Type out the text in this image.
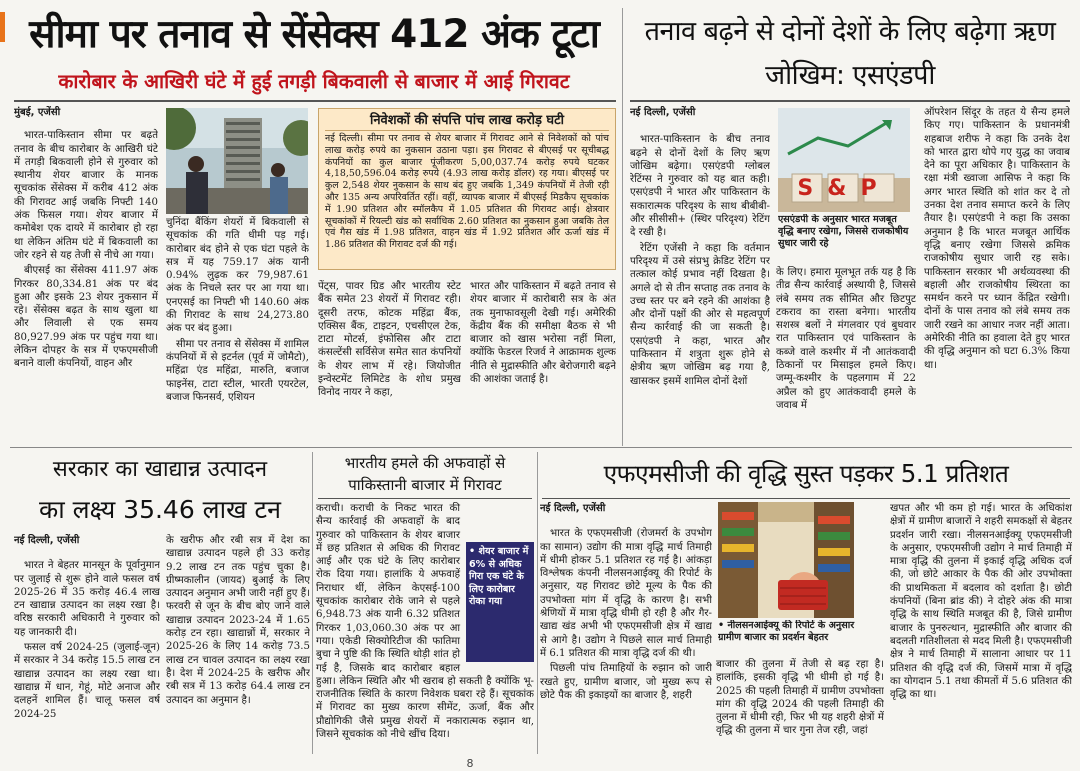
सीमा पर तनाव से सेंसेक्स 412 अंक टूटा
कारोबार के आखिरी घंटे में हुई तगड़ी बिकवाली से बाजार में आई गिरावट
मुंबई, एजेंसी

भारत-पाकिस्तान सीमा पर बढ़ते तनाव के बीच कारोबार के आखिरी घंटे में तगड़ी बिकवाली होने से गुरुवार को स्थानीय शेयर बाजार के मानक सूचकांक सेंसेक्स में करीब 412 अंक की गिरावट आई जबकि निफ्टी 140 अंक फिसल गया। शेयर बाजार में कमोबेश एक दायरे में कारोबार हो रहा था लेकिन अंतिम घंटे में बिकवाली का जोर रहने से यह तेजी से नीचे आ गया।

बीएसई का सेंसेक्स 411.97 अंक गिरकर 80,334.81 अंक पर बंद हुआ और इसके 23 शेयर नुकसान में रहे। सेंसेक्स बढ़त के साथ खुला था और लिवाली से एक समय 80,927.99 अंक पर पहुंच गया था। लेकिन दोपहर के सत्र में एफएमसीजी बनाने वाली कंपनियों, वाहन और

चुनिंदा बैंकिंग शेयरों में बिकवाली से सूचकांक की गति धीमी पड़ गई। कारोबार बंद होने से एक घंटा पहले के सत्र में यह 759.17 अंक यानी 0.94% लुढ़क कर 79,987.61 अंक के निचले स्तर पर आ गया था। एनएसई का निफ्टी भी 140.60 अंक की गिरावट के साथ 24,273.80 अंक पर बंद हुआ।

सीमा पर तनाव से सेंसेक्स में शामिल कंपनियों में से इटर्नल (पूर्व में जोमैटो), महिंद्रा एंड महिंद्रा, मारुति, बजाज फाइनेंस, टाटा स्टील, भारती एयरटेल, बजाज फिनसर्व, एशियन

निवेशकों की संपत्ति पांच लाख करोड़ घटी
नई दिल्ली। सीमा पर तनाव से शेयर बाजार में गिरावट आने से निवेशकों को पांच लाख करोड़ रुपये का नुकसान उठाना पड़ा। इस गिरावट से बीएसई पर सूचीबद्ध कंपनियों का कुल बाजार पूंजीकरण 5,00,037.74 करोड़ रुपये घटकर 4,18,50,596.04 करोड़ रुपये (4.93 लाख करोड़ डॉलर) रह गया। बीएसई पर कुल 2,548 शेयर नुकसान के साथ बंद हुए जबकि 1,349 कंपनियों में तेजी रही और 135 अन्य अपरिवर्तित रहीं। वहीं, व्यापक बाजार में बीएसई मिडकैप सूचकांक में 1.90 प्रतिशत और स्मॉलकैप में 1.05 प्रतिशत की गिरावट आई। क्षेत्रवार सूचकांकों में रियल्टी खंड को सर्वाधिक 2.60 प्रतिशत का नुकसान हुआ जबकि तेल एवं गैस खंड में 1.98 प्रतिशत, वाहन खंड में 1.92 प्रतिशत और ऊर्जा खंड में 1.86 प्रतिशत की गिरावट दर्ज की गई।

पेंट्स, पावर ग्रिड और भारतीय स्टेट बैंक समेत 23 शेयरों में गिरावट रही। दूसरी तरफ, कोटक महिंद्रा बैंक, एक्सिस बैंक, टाइटन, एचसीएल टेक, टाटा मोटर्स, इंफोसिस और टाटा कंसल्टेंसी सर्विसेज समेत सात कंपनियों के शेयर लाभ में रहे। जियोजीत इन्वेस्टमेंट लिमिटेड के शोध प्रमुख विनोद नायर ने कहा,

भारत और पाकिस्तान में बढ़ते तनाव से शेयर बाजार में कारोबारी सत्र के अंत तक मुनाफावसूली देखी गई। अमेरिकी केंद्रीय बैंक की समीक्षा बैठक से भी बाजार को खास भरोसा नहीं मिला, क्योंकि फेडरल रिजर्व ने आक्रामक शुल्क नीति से मुद्रास्फीति और बेरोजगारी बढ़ने की आशंका जताई है।

तनाव बढ़ने से दोनों देशों के लिए बढ़ेगा ऋण जोखिम: एसएंडपी
नई दिल्ली, एजेंसी

भारत-पाकिस्तान के बीच तनाव बढ़ने से दोनों देशों के लिए ऋण जोखिम बढ़ेगा। एसएंडपी ग्लोबल रेटिंग्स ने गुरुवार को यह बात कही। एसएंडपी ने भारत और पाकिस्तान के सकारात्मक परिदृश्य के साथ बीबीबी- और सीसीसी+ (स्थिर परिदृश्य) रेटिंग दे रखी है।

रेटिंग एजेंसी ने कहा कि वर्तमान परिदृश्य में उसे संप्रभु क्रेडिट रेटिंग पर तत्काल कोई प्रभाव नहीं दिखता है। अगले दो से तीन सप्ताह तक तनाव के उच्च स्तर पर बने रहने की आशंका है और दोनों पक्षों की ओर से महत्वपूर्ण सैन्य कार्रवाई की जा सकती है। एसएंडपी ने कहा, भारत और पाकिस्तान में शत्रुता शुरू होने से क्षेत्रीय ऋण जोखिम बढ़ गया है, खासकर इसमें शामिल दोनों देशों

S&P
एसएंडपी के अनुसार भारत मजबूत वृद्धि बनाए रखेगा, जिससे राजकोषीय सुधार जारी रहे

के लिए। हमारा मूलभूत तर्क यह है कि तीव्र सैन्य कार्रवाई अस्थायी है, जिससे लंबे समय तक सीमित और छिटपुट टकराव का रास्ता बनेगा। भारतीय सशस्त्र बलों ने मंगलवार एवं बुधवार रात पाकिस्तान एवं पाकिस्तान के कब्जे वाले कश्मीर में नौ आतंकवादी ठिकानों पर मिसाइल हमले किए। जम्मू-कश्मीर के पहलगाम में 22 अप्रैल को हुए आतंकवादी हमले के जवाब में

ऑपरेशन सिंदूर के तहत ये सैन्य हमले किए गए। पाकिस्तान के प्रधानमंत्री शहबाज शरीफ ने कहा कि उनके देश को भारत द्वारा थोपे गए युद्ध का जवाब देने का पूरा अधिकार है। पाकिस्तान के रक्षा मंत्री ख्वाजा आसिफ ने कहा कि अगर भारत स्थिति को शांत कर दे तो उनका देश तनाव समाप्त करने के लिए तैयार है। एसएंडपी ने कहा कि उसका अनुमान है कि भारत मजबूत आर्थिक वृद्धि बनाए रखेगा जिससे क्रमिक राजकोषीय सुधार जारी रह सके। पाकिस्तान सरकार भी अर्थव्यवस्था की बहाली और राजकोषीय स्थिरता का समर्थन करने पर ध्यान केंद्रित रखेगी। दोनों के पास तनाव को लंबे समय तक जारी रखने का आधार नजर नहीं आता। अमेरिकी नीति का हवाला देते हुए भारत की वृद्धि अनुमान को घटा 6.3% किया था।

सरकार का खाद्यान्न उत्पादन
का लक्ष्य 35.46 लाख टन
नई दिल्ली, एजेंसी

भारत ने बेहतर मानसून के पूर्वानुमान पर जुलाई से शुरू होने वाले फसल वर्ष 2025-26 में 35 करोड़ 46.4 लाख टन खाद्यान्न उत्पादन का लक्ष्य रखा है। वरिष्ठ सरकारी अधिकारी ने गुरुवार को यह जानकारी दी।

फसल वर्ष 2024-25 (जुलाई-जून) में सरकार ने 34 करोड़ 15.5 लाख टन खाद्यान्न उत्पादन का लक्ष्य रखा था। खाद्यान्न में धान, गेहूं, मोटे अनाज और दलहनें शामिल हैं। चालू फसल वर्ष 2024-25

के खरीफ और रबी सत्र में देश का खाद्यान्न उत्पादन पहले ही 33 करोड़ 9.2 लाख टन तक पहुंच चुका है। ग्रीष्मकालीन (जायद) बुआई के लिए उत्पादन अनुमान अभी जारी नहीं हुए हैं। फरवरी से जून के बीच बोए जाने वाले खाद्यान्न उत्पादन 2023-24 में 1.65 करोड़ टन रहा। खाद्यान्नों में, सरकार ने 2025-26 के लिए 14 करोड़ 73.5 लाख टन चावल उत्पादन का लक्ष्य रखा है। देश में 2024-25 के खरीफ और रबी सत्र में 13 करोड़ 64.4 लाख टन उत्पादन का अनुमान है।

भारतीय हमले की अफवाहों से
पाकिस्तानी बाजार में गिरावट
• शेयर बाजार में 6% से अधिक गिरा एक घंटे के लिए कारोबार रोका गया

कराची। कराची के निकट भारत की सैन्य कार्रवाई की अफवाहों के बाद गुरुवार को पाकिस्तान के शेयर बाजार में छह प्रतिशत से अधिक की गिरावट आई और एक घंटे के लिए कारोबार रोक दिया गया। हालांकि ये अफवाहें निराधार थीं, लेकिन केएसई-100 सूचकांक कारोबार रोके जाने से पहले 6,948.73 अंक यानी 6.32 प्रतिशत गिरकर 1,03,060.30 अंक पर आ गया। एकेडी सिक्योरिटीज की फातिमा बुचा ने पुष्टि की कि स्थिति थोड़ी शांत हो गई है, जिसके बाद कारोबार बहाल हुआ। लेकिन स्थिति और भी खराब हो सकती है क्योंकि भू-राजनीतिक स्थिति के कारण निवेशक घबरा रहे हैं। सूचकांक में गिरावट का मुख्य कारण सीमेंट, ऊर्जा, बैंक और प्रौद्योगिकी जैसे प्रमुख शेयरों में नकारात्मक रुझान था, जिसने सूचकांक को नीचे खींच दिया।

एफएमसीजी की वृद्धि सुस्त पड़कर 5.1 प्रतिशत
नई दिल्ली, एजेंसी

भारत के एफएमसीजी (रोजमर्रा के उपभोग का सामान) उद्योग की मात्रा वृद्धि मार्च तिमाही में धीमी होकर 5.1 प्रतिशत रह गई है। आंकड़ा विश्लेषक कंपनी नीलसनआईक्यू की रिपोर्ट के अनुसार, यह गिरावट छोटे मूल्य के पैक की उपभोक्ता मांग में वृद्धि के कारण है। सभी श्रेणियों में मात्रा वृद्धि धीमी हो रही है और गैर-खाद्य खंड अभी भी एफएमसीजी क्षेत्र में खाद्य से आगे है। उद्योग ने पिछले साल मार्च तिमाही में 6.1 प्रतिशत की मात्रा वृद्धि दर्ज की थी।

पिछली पांच तिमाहियों के रुझान को जारी रखते हुए, ग्रामीण बाजार, जो मुख्य रूप से छोटे पैक की इकाइयों का बाजार है, शहरी

• नीलसनआईक्यू की रिपोर्ट के अनुसार ग्रामीण बाजार का प्रदर्शन बेहतर

बाजार की तुलना में तेजी से बढ़ रहा है। हालांकि, इसकी वृद्धि भी धीमी हो गई है। 2025 की पहली तिमाही में ग्रामीण उपभोक्ता मांग की वृद्धि 2024 की पहली तिमाही की तुलना में धीमी रही, फिर भी यह शहरी क्षेत्रों में वृद्धि की तुलना में चार गुना तेज रही, जहां

खपत और भी कम हो गई। भारत के अधिकांश क्षेत्रों में ग्रामीण बाजारों ने शहरी समकक्षों से बेहतर प्रदर्शन जारी रखा। नीलसनआईक्यू एफएमसीजी के अनुसार, एफएमसीजी उद्योग ने मार्च तिमाही में मात्रा वृद्धि की तुलना में इकाई वृद्धि अधिक दर्ज की, जो छोटे आकार के पैक की ओर उपभोक्ता की प्राथमिकता में बदलाव को दर्शाता है। छोटी कंपनियों (बिना ब्रांड की) ने दोहरे अंक की मात्रा वृद्धि के साथ स्थिति मजबूत की है, जिसे ग्रामीण बाजार के पुनरुत्थान, मुद्रास्फीति और बाजार की बदलती गतिशीलता से मदद मिली है। एफएमसीजी क्षेत्र ने मार्च तिमाही में सालाना आधार पर 11 प्रतिशत की वृद्धि दर्ज की, जिसमें मात्रा में वृद्धि का योगदान 5.1 तथा कीमतों में 5.6 प्रतिशत की वृद्धि का था।

8
